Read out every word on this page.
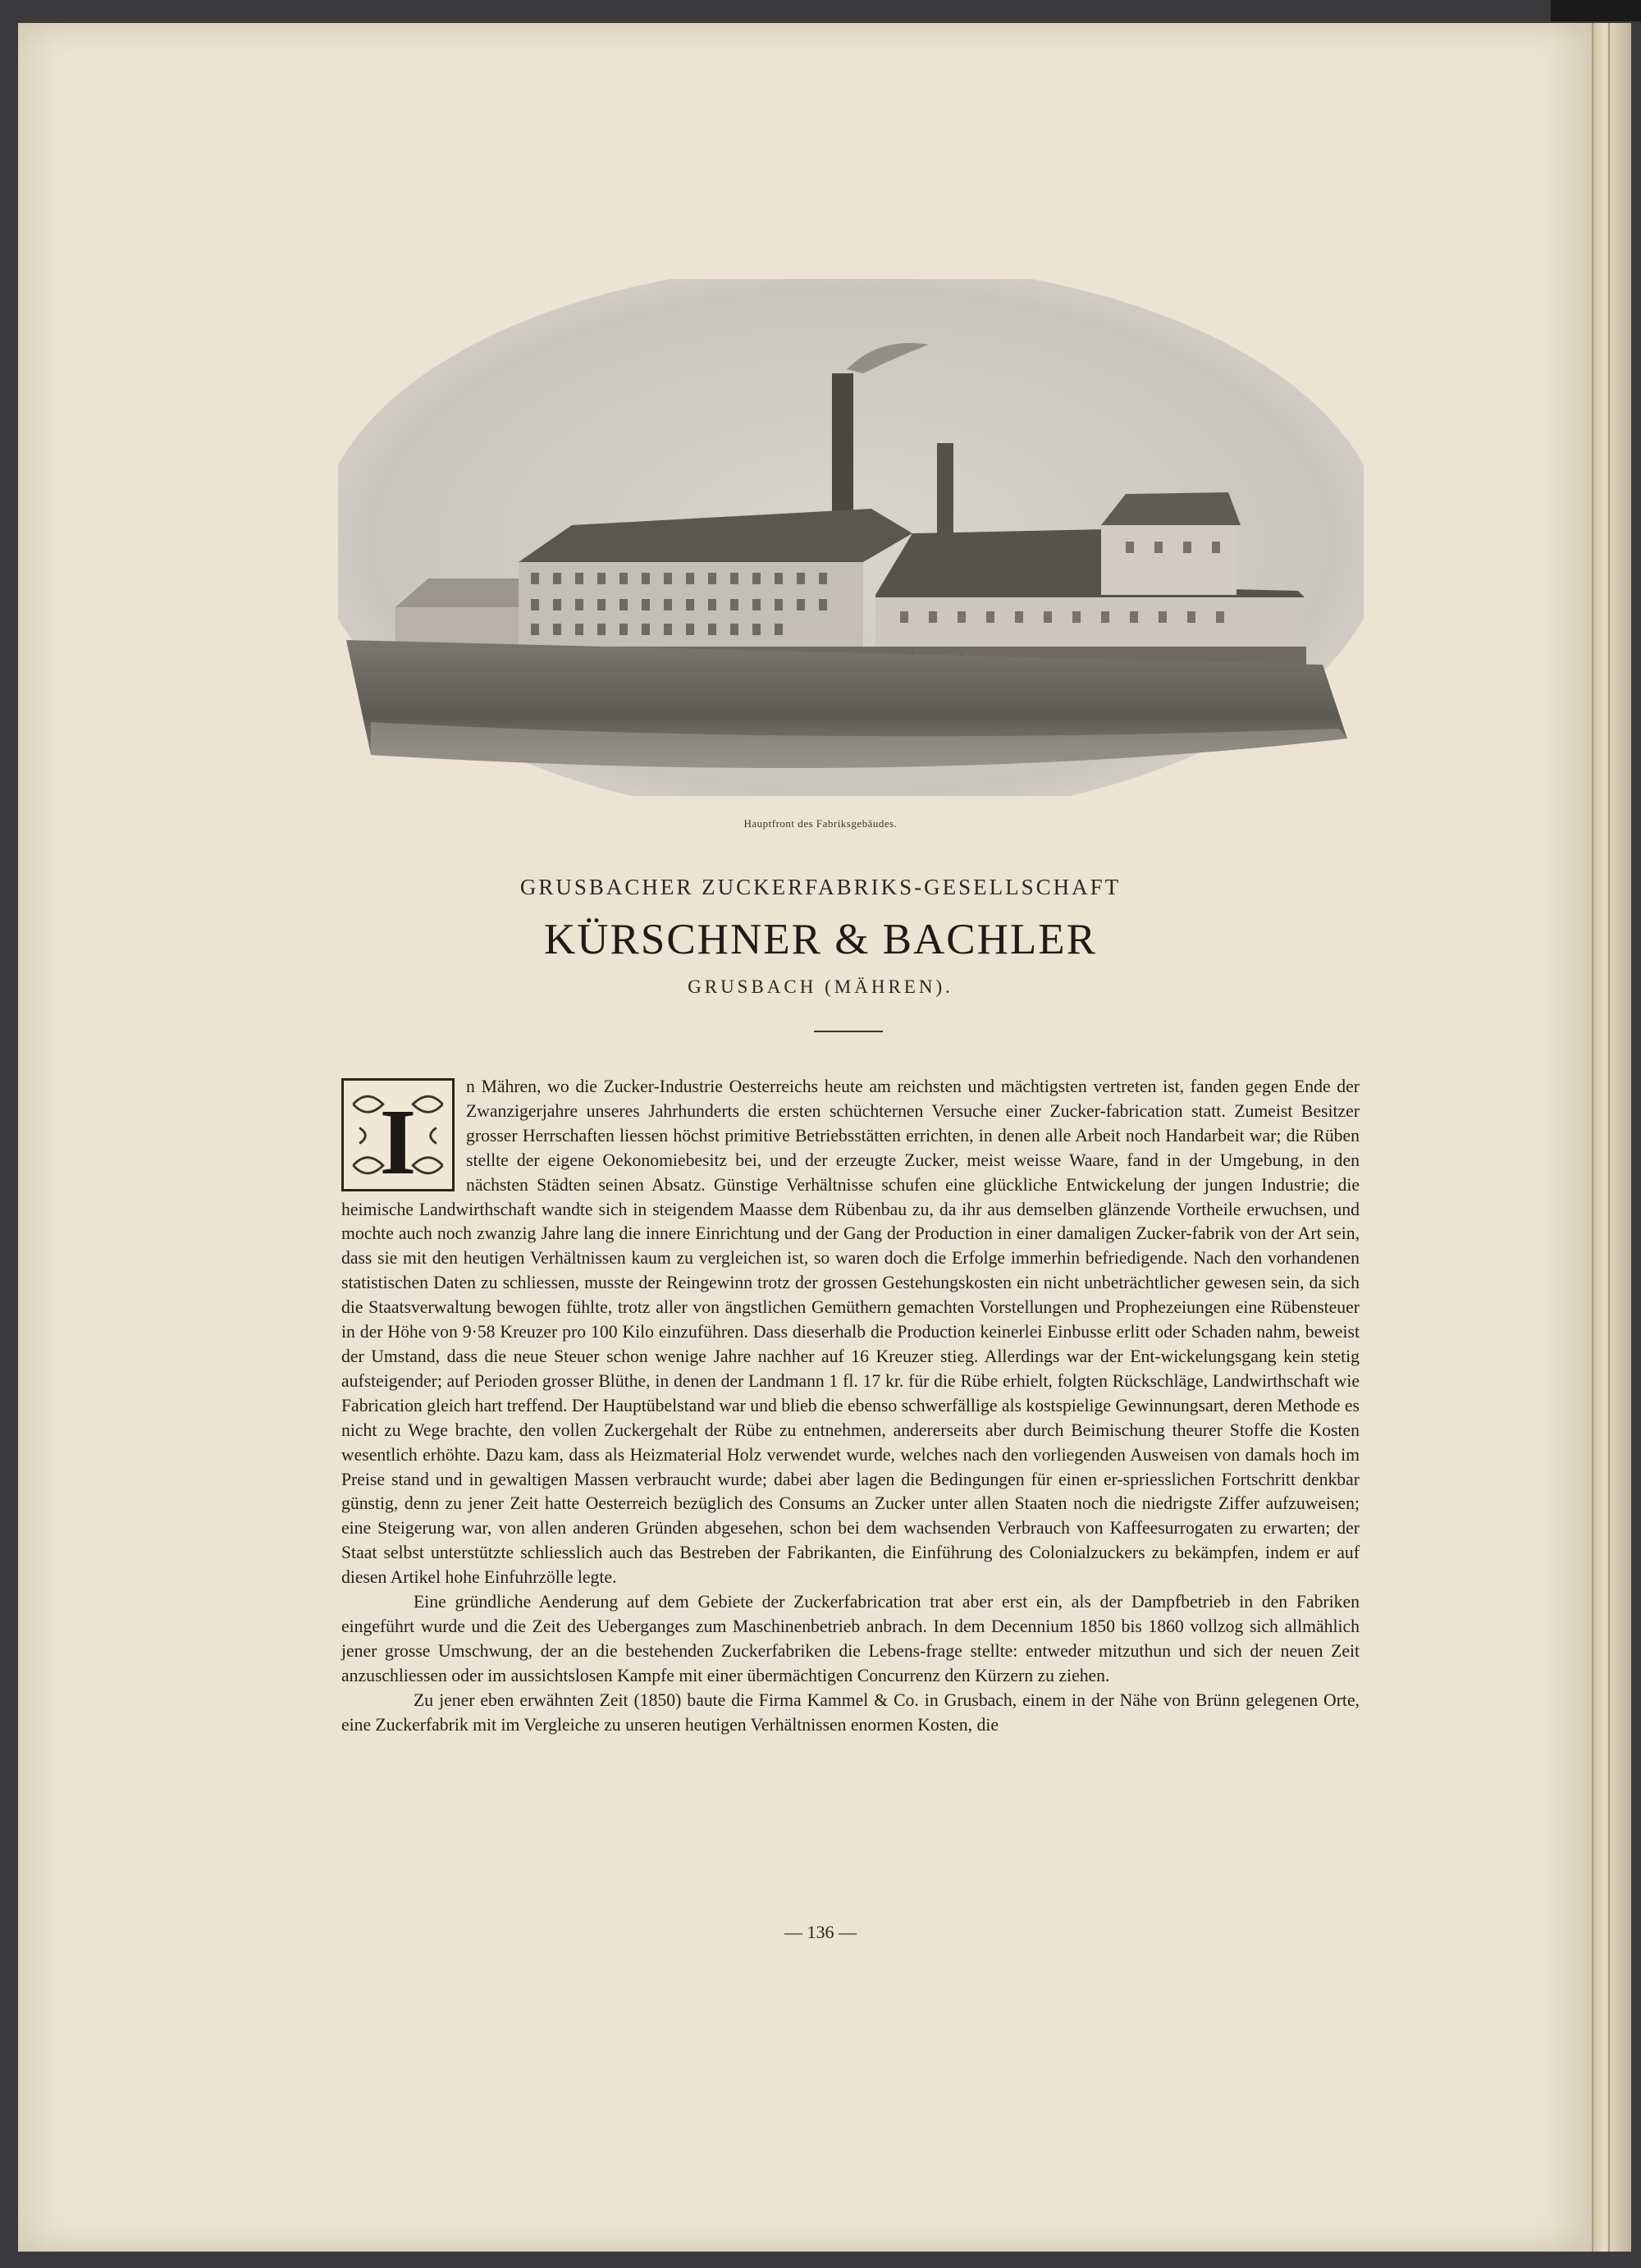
Hauptfront des Fabriksgebäudes.
GRUSBACHER ZUCKERFABRIKS-GESELLSCHAFT
KÜRSCHNER & BACHLER
GRUSBACH (MÄHREN).

I
n Mähren, wo die Zucker-Industrie Oesterreichs heute am reichsten und mächtigsten vertreten ist, fanden gegen Ende der Zwanzigerjahre unseres Jahrhunderts die ersten schüchternen Versuche einer Zucker-fabrication statt. Zumeist Besitzer grosser Herrschaften liessen höchst primitive Betriebsstätten errichten, in denen alle Arbeit noch Handarbeit war; die Rüben stellte der eigene Oekonomiebesitz bei, und der erzeugte Zucker, meist weisse Waare, fand in der Umgebung, in den nächsten Städten seinen Absatz. Günstige Verhältnisse schufen eine glückliche Entwickelung der jungen Industrie; die heimische Landwirthschaft wandte sich in steigendem Maasse dem Rübenbau zu, da ihr aus demselben glänzende Vortheile erwuchsen, und mochte auch noch zwanzig Jahre lang die innere Einrichtung und der Gang der Production in einer damaligen Zucker-fabrik von der Art sein, dass sie mit den heutigen Verhältnissen kaum zu vergleichen ist, so waren doch die Erfolge immerhin befriedigende. Nach den vorhandenen statistischen Daten zu schliessen, musste der Reingewinn trotz der grossen Gestehungskosten ein nicht unbeträchtlicher gewesen sein, da sich die Staatsverwaltung bewogen fühlte, trotz aller von ängstlichen Gemüthern gemachten Vorstellungen und Prophezeiungen eine Rübensteuer in der Höhe von 9·58 Kreuzer pro 100 Kilo einzuführen. Dass dieserhalb die Production keinerlei Einbusse erlitt oder Schaden nahm, beweist der Umstand, dass die neue Steuer schon wenige Jahre nachher auf 16 Kreuzer stieg. Allerdings war der Ent-wickelungsgang kein stetig aufsteigender; auf Perioden grosser Blüthe, in denen der Landmann 1 fl. 17 kr. für die Rübe erhielt, folgten Rückschläge, Landwirthschaft wie Fabrication gleich hart treffend. Der Hauptübelstand war und blieb die ebenso schwerfällige als kostspielige Gewinnungsart, deren Methode es nicht zu Wege brachte, den vollen Zuckergehalt der Rübe zu entnehmen, andererseits aber durch Beimischung theurer Stoffe die Kosten wesentlich erhöhte. Dazu kam, dass als Heizmaterial Holz verwendet wurde, welches nach den vorliegenden Ausweisen von damals hoch im Preise stand und in gewaltigen Massen verbraucht wurde; dabei aber lagen die Bedingungen für einen er-spriesslichen Fortschritt denkbar günstig, denn zu jener Zeit hatte Oesterreich bezüglich des Consums an Zucker unter allen Staaten noch die niedrigste Ziffer aufzuweisen; eine Steigerung war, von allen anderen Gründen abgesehen, schon bei dem wachsenden Verbrauch von Kaffeesurrogaten zu erwarten; der Staat selbst unterstützte schliesslich auch das Bestreben der Fabrikanten, die Einführung des Colonialzuckers zu bekämpfen, indem er auf diesen Artikel hohe Einfuhrzölle legte.

Eine gründliche Aenderung auf dem Gebiete der Zuckerfabrication trat aber erst ein, als der Dampfbetrieb in den Fabriken eingeführt wurde und die Zeit des Ueberganges zum Maschinenbetrieb anbrach. In dem Decennium 1850 bis 1860 vollzog sich allmählich jener grosse Umschwung, der an die bestehenden Zuckerfabriken die Lebens-frage stellte: entweder mitzuthun und sich der neuen Zeit anzuschliessen oder im aussichtslosen Kampfe mit einer übermächtigen Concurrenz den Kürzern zu ziehen.

Zu jener eben erwähnten Zeit (1850) baute die Firma Kammel & Co. in Grusbach, einem in der Nähe von Brünn gelegenen Orte, eine Zuckerfabrik mit im Vergleiche zu unseren heutigen Verhältnissen enormen Kosten, die

— 136 —
